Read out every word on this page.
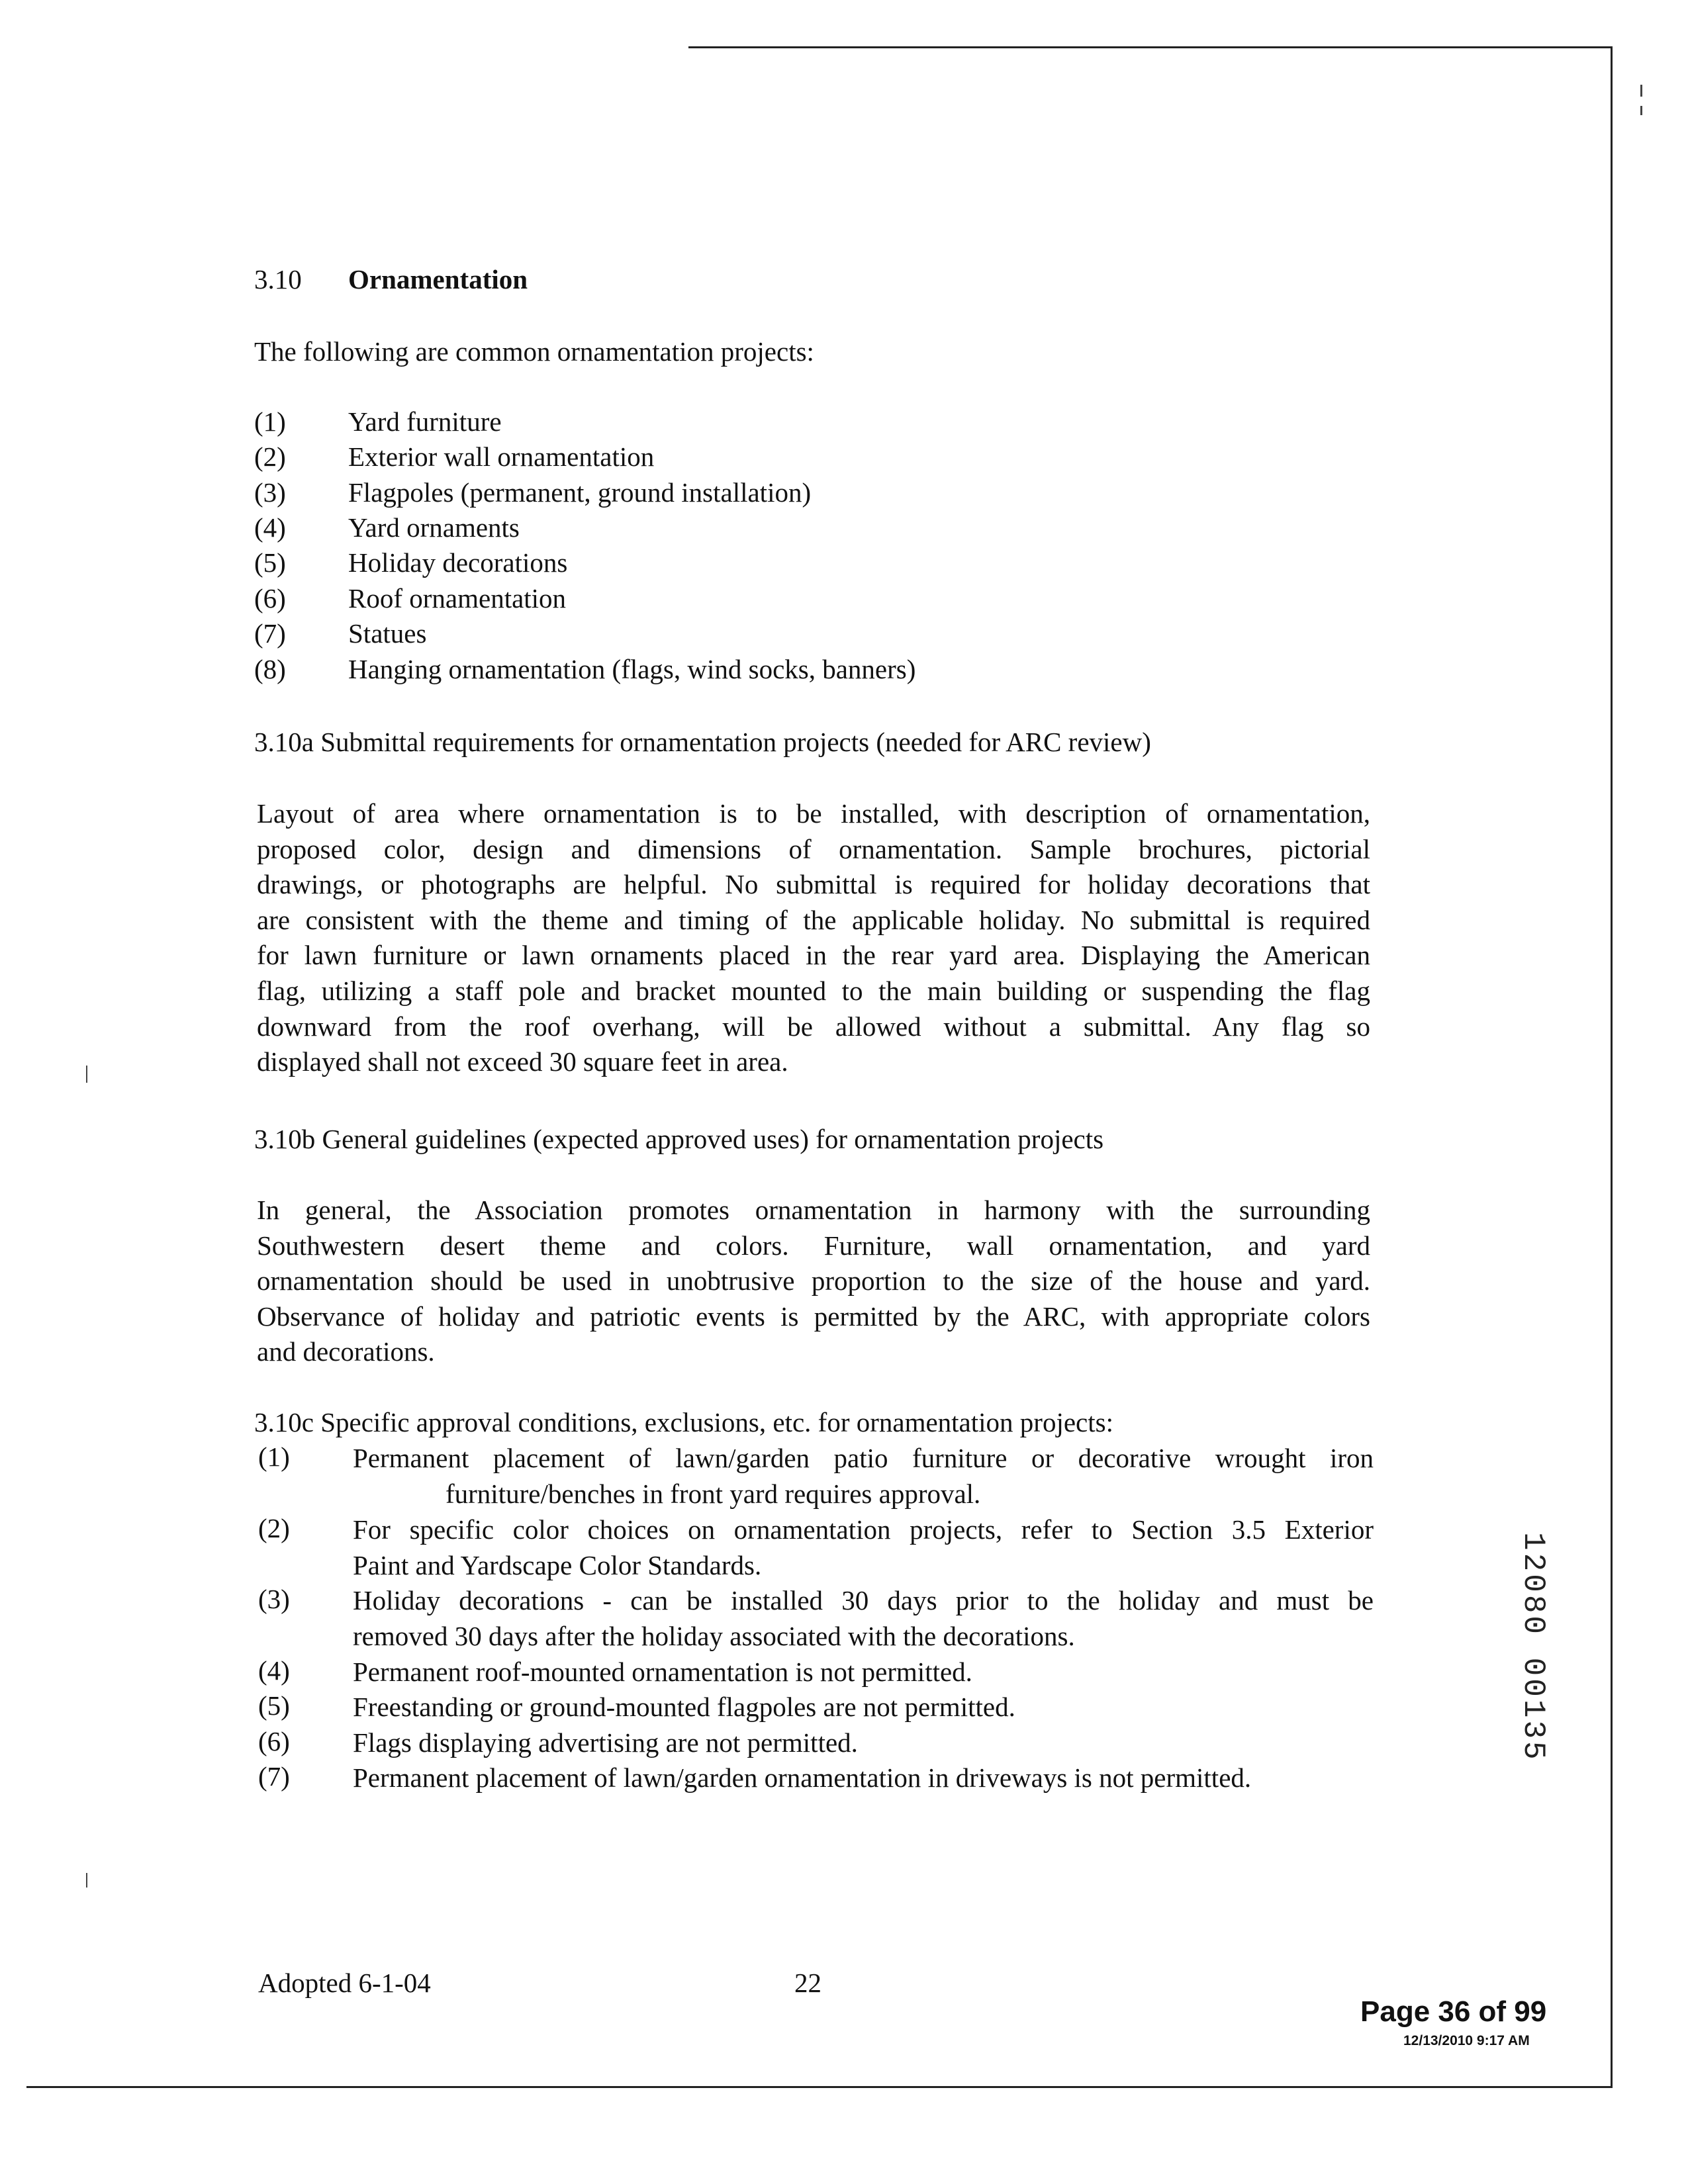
3.10 Ornamentation
The following are common ornamentation projects:
(1) Yard furniture
(2) Exterior wall ornamentation
(3) Flagpoles (permanent, ground installation)
(4) Yard ornaments
(5) Holiday decorations
(6) Roof ornamentation
(7) Statues
(8) Hanging ornamentation (flags, wind socks, banners)
3.10a Submittal requirements for ornamentation projects (needed for ARC review)
Layout of area where ornamentation is to be installed, with description of ornamentation,
proposed color, design and dimensions of ornamentation. Sample brochures, pictorial
drawings, or photographs are helpful. No submittal is required for holiday decorations that
are consistent with the theme and timing of the applicable holiday. No submittal is required
for lawn furniture or lawn ornaments placed in the rear yard area. Displaying the American
flag, utilizing a staff pole and bracket mounted to the main building or suspending the flag
downward from the roof overhang, will be allowed without a submittal. Any flag so
displayed shall not exceed 30 square feet in area.
3.10b General guidelines (expected approved uses) for ornamentation projects
In general, the Association promotes ornamentation in harmony with the surrounding
Southwestern desert theme and colors. Furniture, wall ornamentation, and yard
ornamentation should be used in unobtrusive proportion to the size of the house and yard.
Observance of holiday and patriotic events is permitted by the ARC, with appropriate colors
and decorations.
3.10c Specific approval conditions, exclusions, etc. for ornamentation projects:
(1) Permanent placement of lawn/garden patio furniture or decorative wrought iron
furniture/benches in front yard requires approval.
(2) For specific color choices on ornamentation projects, refer to Section 3.5 Exterior
Paint and Yardscape Color Standards.
(3) Holiday decorations - can be installed 30 days prior to the holiday and must be
removed 30 days after the holiday associated with the decorations.
(4) Permanent roof-mounted ornamentation is not permitted.
(5) Freestanding or ground-mounted flagpoles are not permitted.
(6) Flags displaying advertising are not permitted.
(7) Permanent placement of lawn/garden ornamentation in driveways is not permitted.
12080 00135
Adopted 6-1-04	22
Page 36 of 99
12/13/2010 9:17 AM
